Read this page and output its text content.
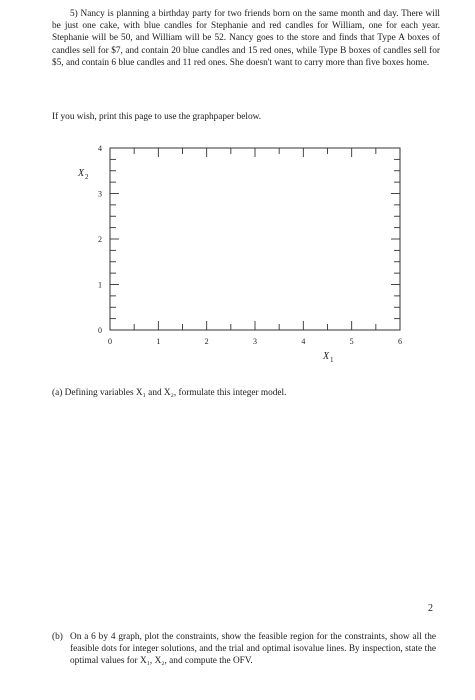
5) Nancy is planning a birthday party for two friends born on the same month and day. There will be just one cake, with blue candles for Stephanie and red candles for William, one for each year. Stephanie will be 50, and William will be 52. Nancy goes to the store and finds that Type A boxes of candles sell for $7, and contain 20 blue candles and 15 red ones, while Type B boxes of candles sell for $5, and contain 6 blue candles and 11 red ones. She doesn't want to carry more than five boxes home.
If you wish, print this page to use the graphpaper below.
0	1	2	3	4	5	6
0
1
2
3
4
X 2
X 1
(a) Defining variables X₁ and X₂, formulate this integer model.
2
(b) On a 6 by 4 graph, plot the constraints, show the feasible region for the constraints, show all the feasible dots for integer solutions, and the trial and optimal isovalue lines. By inspection, state the optimal values for X₁, X₂, and compute the OFV.
